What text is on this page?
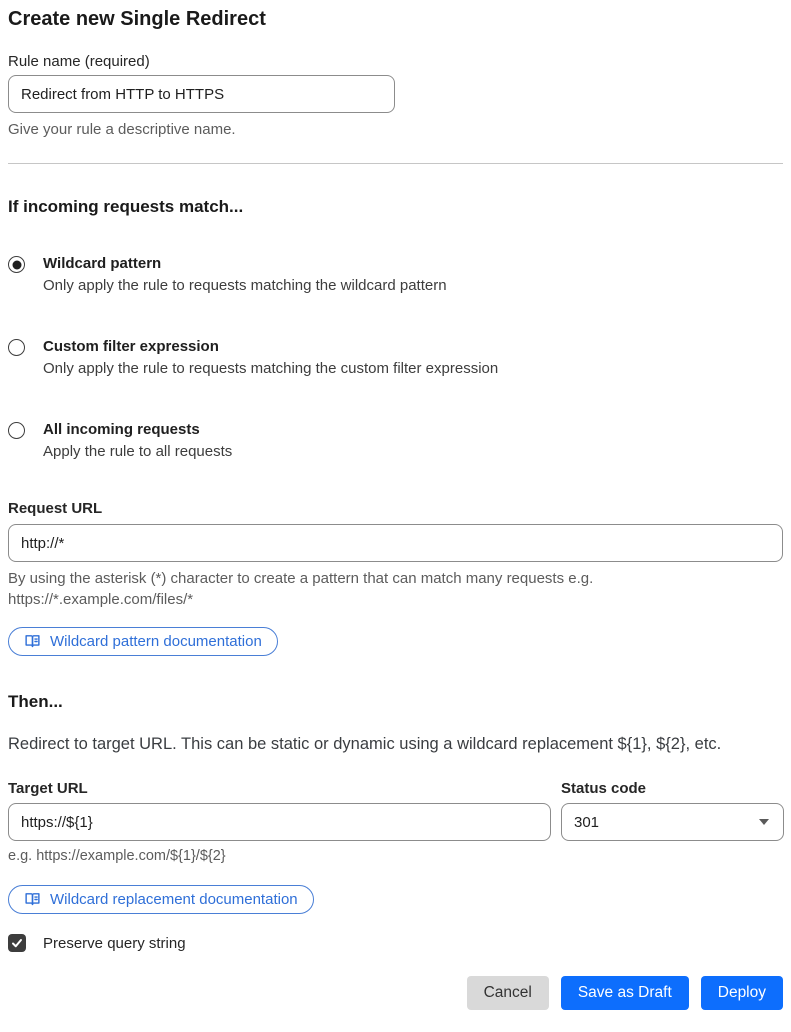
Create new Single Redirect
Rule name (required)
Redirect from HTTP to HTTPS
Give your rule a descriptive name.
If incoming requests match...
Wildcard pattern
Only apply the rule to requests matching the wildcard pattern
Custom filter expression
Only apply the rule to requests matching the custom filter expression
All incoming requests
Apply the rule to all requests
Request URL
http://*
By using the asterisk (*) character to create a pattern that can match many requests e.g.
https://*.example.com/files/*
Wildcard pattern documentation
Then...

Redirect to target URL. This can be static or dynamic using a wildcard replacement ${1}, ${2}, etc.

Target URL
https://${1}
e.g. https://example.com/${1}/${2}
Status code
301
Wildcard replacement documentation
Preserve query string
Cancel	Save as Draft	Deploy
